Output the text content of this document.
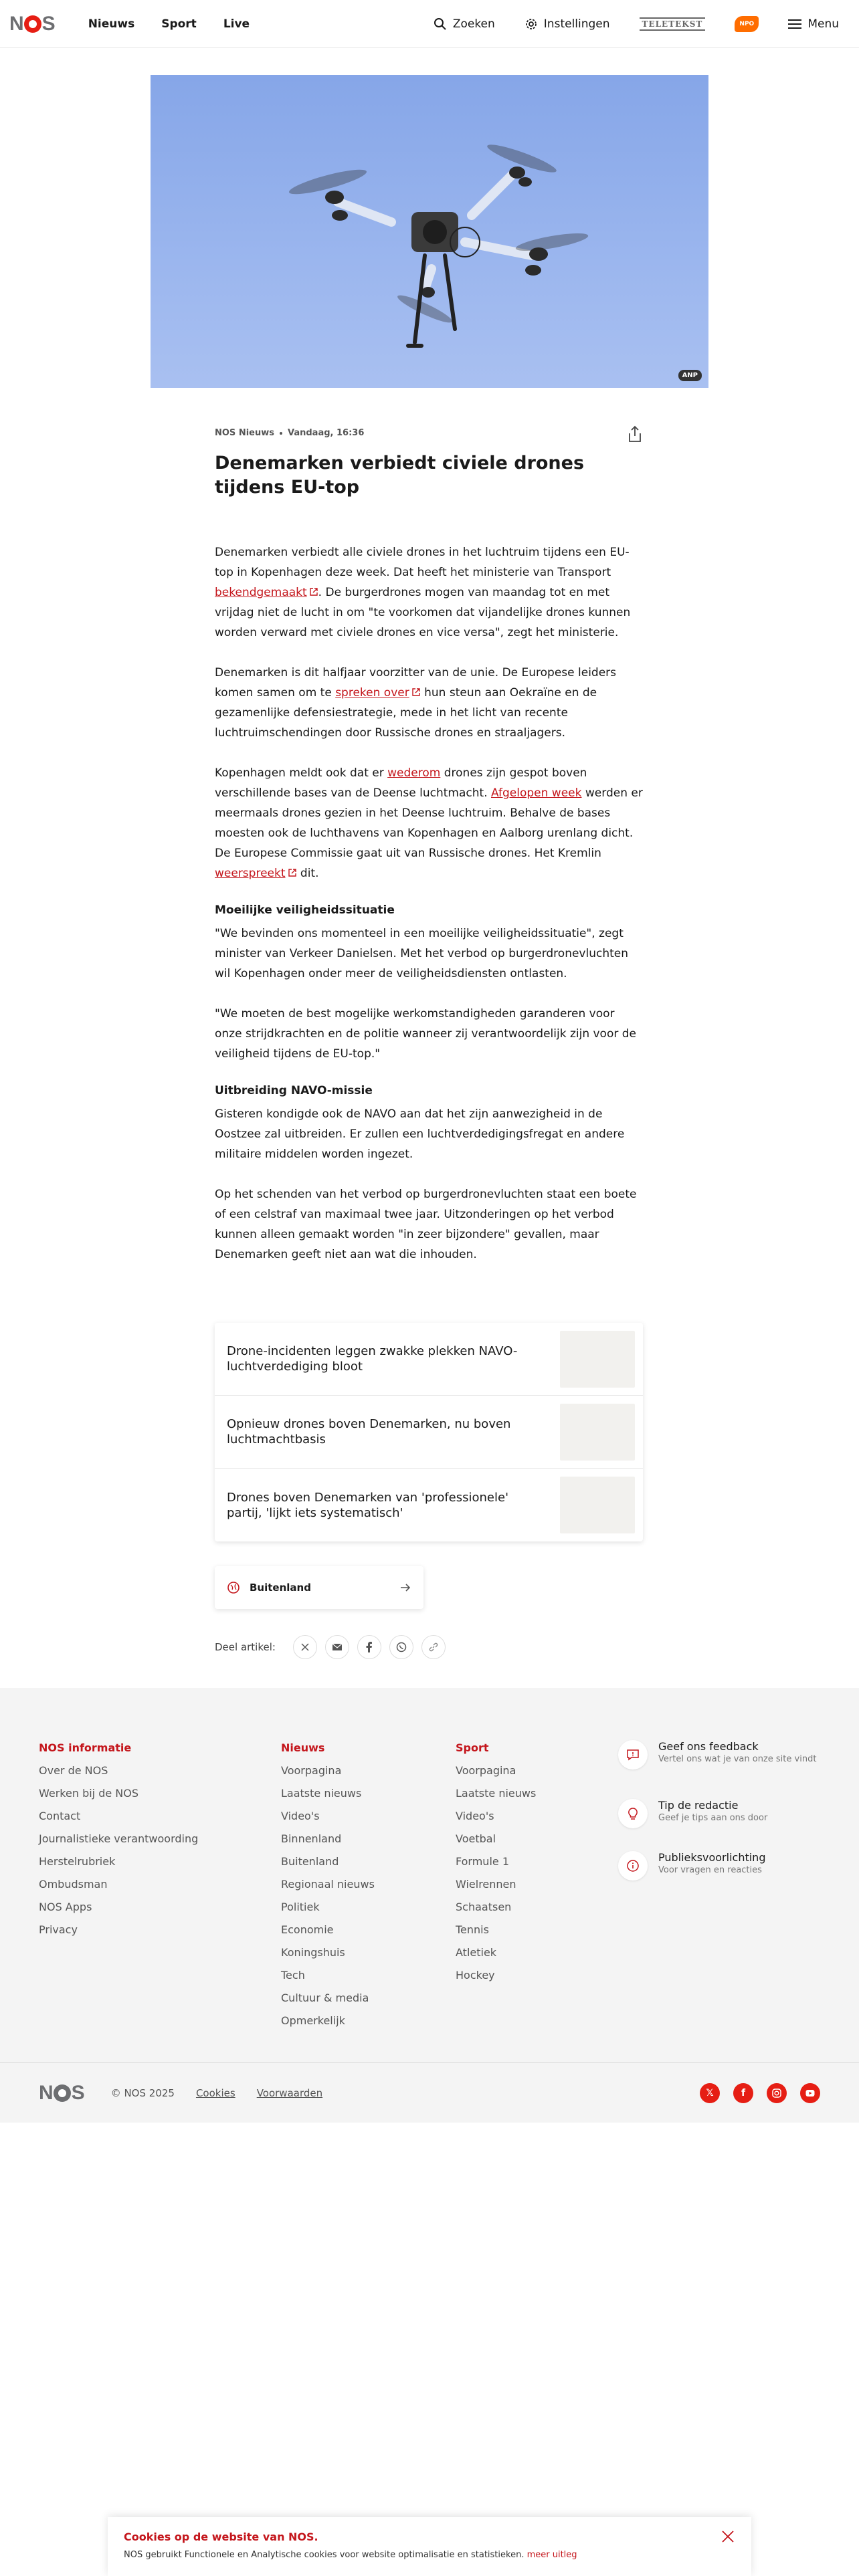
N S	Nieuws Sport Live	Zoeken	Instellingen	TELETEKST	NPO	Menu
ANP
NOS Nieuws Vandaag, 16:36
Denemarken verbiedt civiele drones tijdens EU-top

Denemarken verbiedt alle civiele drones in het luchtruim tijdens een EU-top in Kopenhagen deze week. Dat heeft het ministerie van Transport bekendgemaakt . De burgerdrones mogen van maandag tot en met vrijdag niet de lucht in om "te voorkomen dat vijandelijke drones kunnen worden verward met civiele drones en vice versa", zegt het ministerie.

Denemarken is dit halfjaar voorzitter van de unie. De Europese leiders komen samen om te spreken over hun steun aan Oekraïne en de gezamenlijke defensiestrategie, mede in het licht van recente luchtruimschendingen door Russische drones en straaljagers.

Kopenhagen meldt ook dat er wederom drones zijn gespot boven verschillende bases van de Deense luchtmacht. Afgelopen week werden er meermaals drones gezien in het Deense luchtruim. Behalve de bases moesten ook de luchthavens van Kopenhagen en Aalborg urenlang dicht. De Europese Commissie gaat uit van Russische drones. Het Kremlin weerspreekt dit.

Moeilijke veiligheidssituatie

"We bevinden ons momenteel in een moeilijke veiligheidssituatie", zegt minister van Verkeer Danielsen. Met het verbod op burgerdronevluchten wil Kopenhagen onder meer de veiligheidsdiensten ontlasten.

"We moeten de best mogelijke werkomstandigheden garanderen voor onze strijdkrachten en de politie wanneer zij verantwoordelijk zijn voor de veiligheid tijdens de EU-top."

Uitbreiding NAVO-missie

Gisteren kondigde ook de NAVO aan dat het zijn aanwezigheid in de Oostzee zal uitbreiden. Er zullen een luchtverdedigingsfregat en andere militaire middelen worden ingezet.

Op het schenden van het verbod op burgerdronevluchten staat een boete of een celstraf van maximaal twee jaar. Uitzonderingen op het verbod kunnen alleen gemaakt worden "in zeer bijzondere" gevallen, maar Denemarken geeft niet aan wat die inhouden.

Drone-incidenten leggen zwakke plekken NAVO-luchtverdediging bloot
Opnieuw drones boven Denemarken, nu boven luchtmachtbasis
Drones boven Denemarken van 'professionele' partij, 'lijkt iets systematisch'
Buitenland
Deel artikel:
NOS informatie
Over de NOS
Werken bij de NOS
Contact
Journalistieke verantwoording
Herstelrubriek
Ombudsman
NOS Apps
Privacy
Nieuws
Voorpagina
Laatste nieuws
Video's
Binnenland
Buitenland
Regionaal nieuws
Politiek
Economie
Koningshuis
Tech
Cultuur & media
Opmerkelijk
Sport
Voorpagina
Laatste nieuws
Video's
Voetbal
Formule 1
Wielrennen
Schaatsen
Tennis
Atletiek
Hockey
Geef ons feedback
Vertel ons wat je van onze site vindt
Tip de redactie
Geef je tips aan ons door
Publieksvoorlichting
Voor vragen en reacties
N S	© NOS 2025 Cookies Voorwaarden	𝕏	f
Cookies op de website van NOS.
NOS gebruikt Functionele en Analytische cookies voor website optimalisatie en statistieken. meer uitleg
